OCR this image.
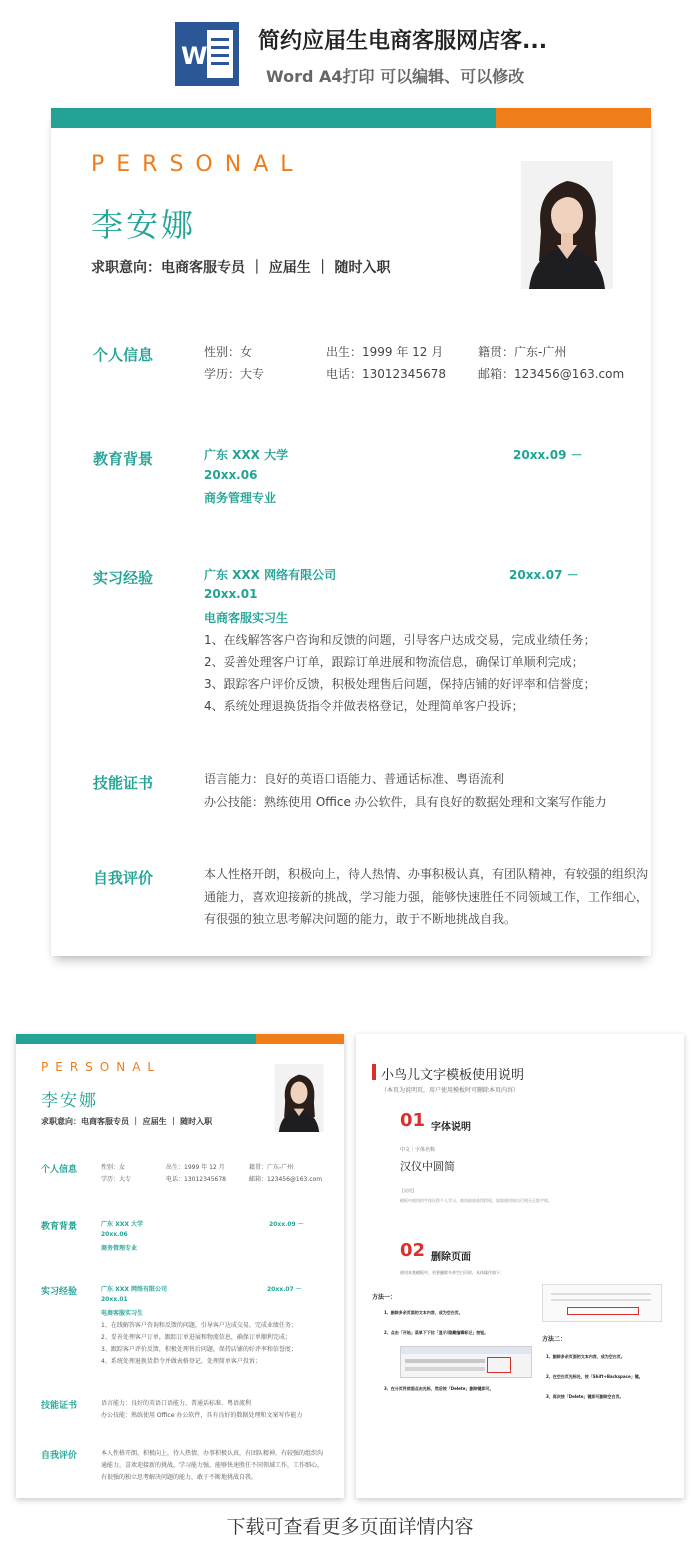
W
简约应届生电商客服网店客...
Word A4打印 可以编辑、可以修改
PERSONAL
李安娜
求职意向：电商客服专员 ｜ 应届生 ｜ 随时入职
个人信息	性别：女	出生：1999 年 12 月	籍贯：广东-广州
学历：大专	电话：13012345678	邮箱：123456@163.com
教育背景	广东 XXX 大学	20xx.09 －
20xx.06
商务管理专业
实习经验	广东 XXX 网络有限公司	20xx.07 －
20xx.01
电商客服实习生
1、在线解答客户咨询和反馈的问题，引导客户达成交易，完成业绩任务；
2、妥善处理客户订单，跟踪订单进展和物流信息，确保订单顺利完成；
3、跟踪客户评价反馈，积极处理售后问题，保持店铺的好评率和信誉度；
4、系统处理退换货指令并做表格登记，处理简单客户投诉；
技能证书	语言能力：良好的英语口语能力、普通话标准、粤语流利
办公技能：熟练使用 Office 办公软件，具有良好的数据处理和文案写作能力
自我评价	本人性格开朗，积极向上，待人热情、办事积极认真，有团队精神，有较强的组织沟
通能力，喜欢迎接新的挑战，学习能力强，能够快速胜任不同领域工作，工作细心，
有很强的独立思考解决问题的能力，敢于不断地挑战自我。
PERSONAL
李安娜
求职意向：电商客服专员 ｜ 应届生 ｜ 随时入职
个人信息	性别：女	出生：1999 年 12 月	籍贯：广东-广州
学历：大专	电话：13012345678	邮箱：123456@163.com
教育背景	广东 XXX 大学	20xx.09 －
20xx.06
商务管理专业
实习经验	广东 XXX 网络有限公司	20xx.07 －
20xx.01
电商客服实习生
1、在线解答客户咨询和反馈的问题，引导客户达成交易，完成业绩任务；
2、妥善处理客户订单，跟踪订单进展和物流信息，确保订单顺利完成；
3、跟踪客户评价反馈，积极处理售后问题，保持店铺的好评率和信誉度；
4、系统处理退换货指令并做表格登记，处理简单客户投诉；
技能证书	语言能力：良好的英语口语能力、普通话标准、粤语流利
办公技能：熟练使用 Office 办公软件，具有良好的数据处理和文案写作能力
自我评价	本人性格开朗，积极向上，待人热情、办事积极认真，有团队精神，有较强的组织沟
通能力，喜欢迎接新的挑战，学习能力强，能够快速胜任不同领域工作，工作细心，
有很强的独立思考解决问题的能力，敢于不断地挑战自我。
小鸟儿文字模板使用说明
（本页为说明页，用户使用模板时可删除本页内容）
01 字体说明
中文｜字体名称
汉仪中圆简
【说明】
模板中使用的字体仅供个人学习，商用前请获得授权，如需使用请自行购买正版字体。
02 删除页面
使用本套模板中，若要删除多余空白页时，具体操作如下：
方法一：
1、删除多余页面的文本内容，成为空白页。
2、点击「开始」菜单下下拉「显示/隐藏编辑标记」按钮。
3、在分页符前面点击光标，然后按「Delete」删除键即可。
方法二：
1、删除多余页面的文本内容，成为空白页。
2、在空白页光标处，按「Shift+Backspace」键。
3、再次按「Delete」键即可删除空白页。
下载可查看更多页面详情内容
